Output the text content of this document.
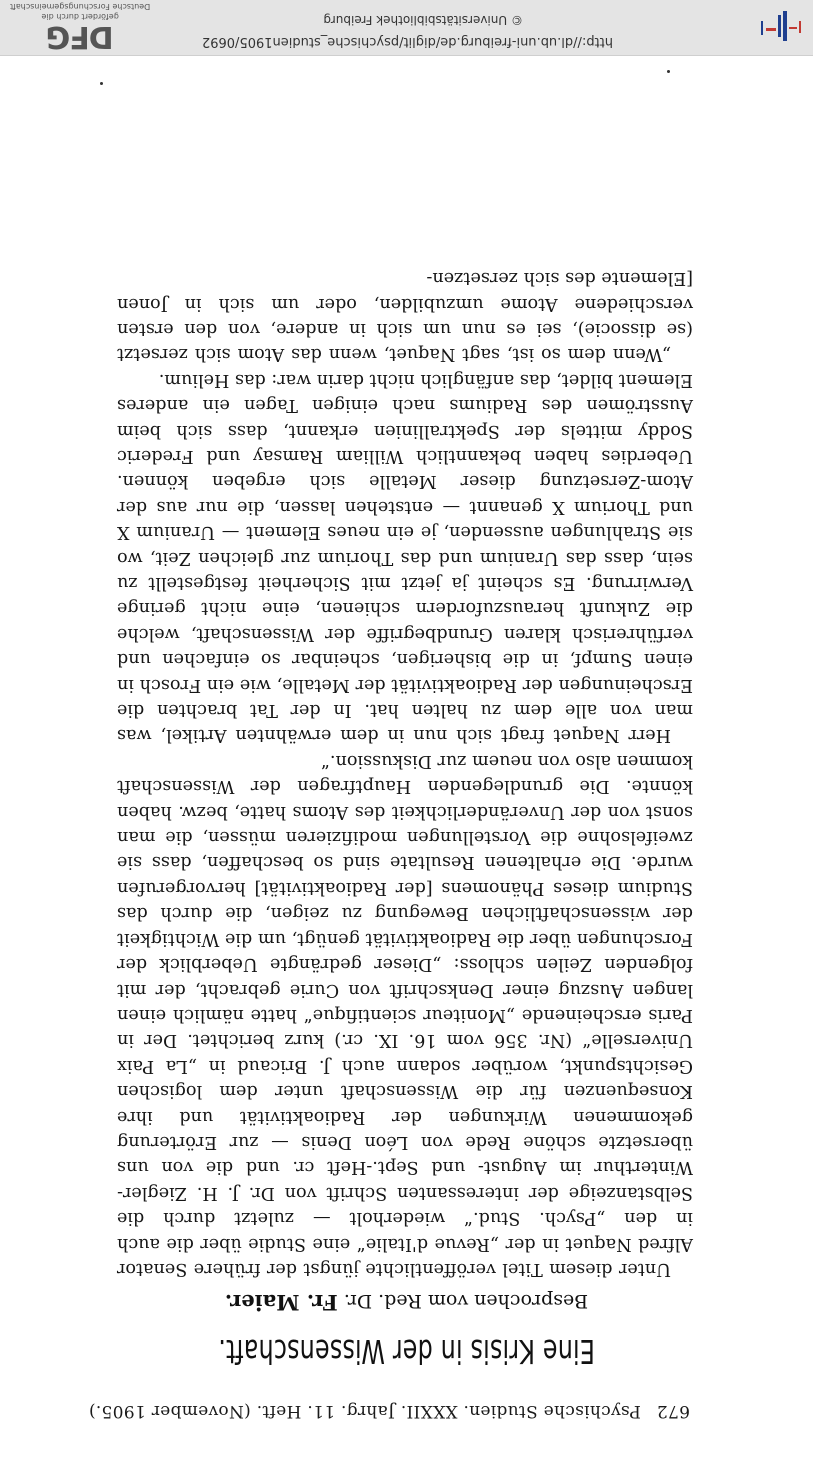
672 Psychische Studien. XXXII. Jahrg. 11. Heft. (November 1905.)
Eine Krisis in der Wissenschaft.
Besprochen vom Red. Dr. Fr. Maier.

Unter diesem Titel veröffentlichte jüngst der frühere Senator Alfred Naquet in der „Revue d'Italie“ eine Studie über die auch in den „Psych. Stud.“ wiederholt — zuletzt durch die Selbstanzeige der interessanten Schrift von Dr. J. H. Ziegler-Winterthur im August- und Sept.-Heft cr. und die von uns übersetzte schöne Rede von Léon Denis — zur Erörterung gekommenen Wirkungen der Radioaktivität und ihre Konsequenzen für die Wissenschaft unter dem logischen Gesichtspunkt, worüber sodann auch J. Bricaud in „La Paix Universelle“ (Nr. 356 vom 16. IX. cr.) kurz berichtet. Der in Paris erscheinende „Moniteur scientifique“ hatte nämlich einen langen Auszug einer Denkschrift von Curie gebracht, der mit folgenden Zeilen schloss: „Dieser gedrängte Ueberblick der Forschungen über die Radioaktivität genügt, um die Wichtigkeit der wissenschaftlichen Bewegung zu zeigen, die durch das Studium dieses Phänomens [der Radioaktivität] hervorgerufen wurde. Die erhaltenen Resultate sind so beschaffen, dass sie zweifelsohne die Vorstellungen modifizieren müssen, die man sonst von der Unveränderlichkeit des Atoms hatte, bezw. haben könnte. Die grundlegenden Hauptfragen der Wissenschaft kommen also von neuem zur Diskussion.“

Herr Naquet fragt sich nun in dem erwähnten Artikel, was man von alle dem zu halten hat. In der Tat brachten die Erscheinungen der Radioaktivität der Metalle, wie ein Frosch in einen Sumpf, in die bisherigen, scheinbar so einfachen und verführerisch klaren Grundbegriffe der Wissenschaft, welche die Zukunft herauszufordern schienen, eine nicht geringe Verwirrung. Es scheint ja jetzt mit Sicherheit festgestellt zu sein, dass das Uranium und das Thorium zur gleichen Zeit, wo sie Strahlungen aussenden, je ein neues Element — Uranium X und Thorium X genannt — entstehen lassen, die nur aus der Atom-Zersetzung dieser Metalle sich ergeben können. Ueberdies haben bekanntlich William Ramsay und Frederic Soddy mittels der Spektrallinien erkannt, dass sich beim Ausströmen des Radiums nach einigen Tagen ein anderes Element bildet, das anfänglich nicht darin war: das Helium.

„Wenn dem so ist, sagt Naquet, wenn das Atom sich zersetzt (se dissocie), sei es nun um sich in andere, von den ersten verschiedene Atome umzubilden, oder um sich in Jonen [Elemente des sich zersetzen-

http://dl.ub.uni-freiburg.de/diglit/psychische_studien1905/0692
© Universitätsbibliothek Freiburg
DFG
gefördert durch die
Deutsche Forschungsgemeinschaft
